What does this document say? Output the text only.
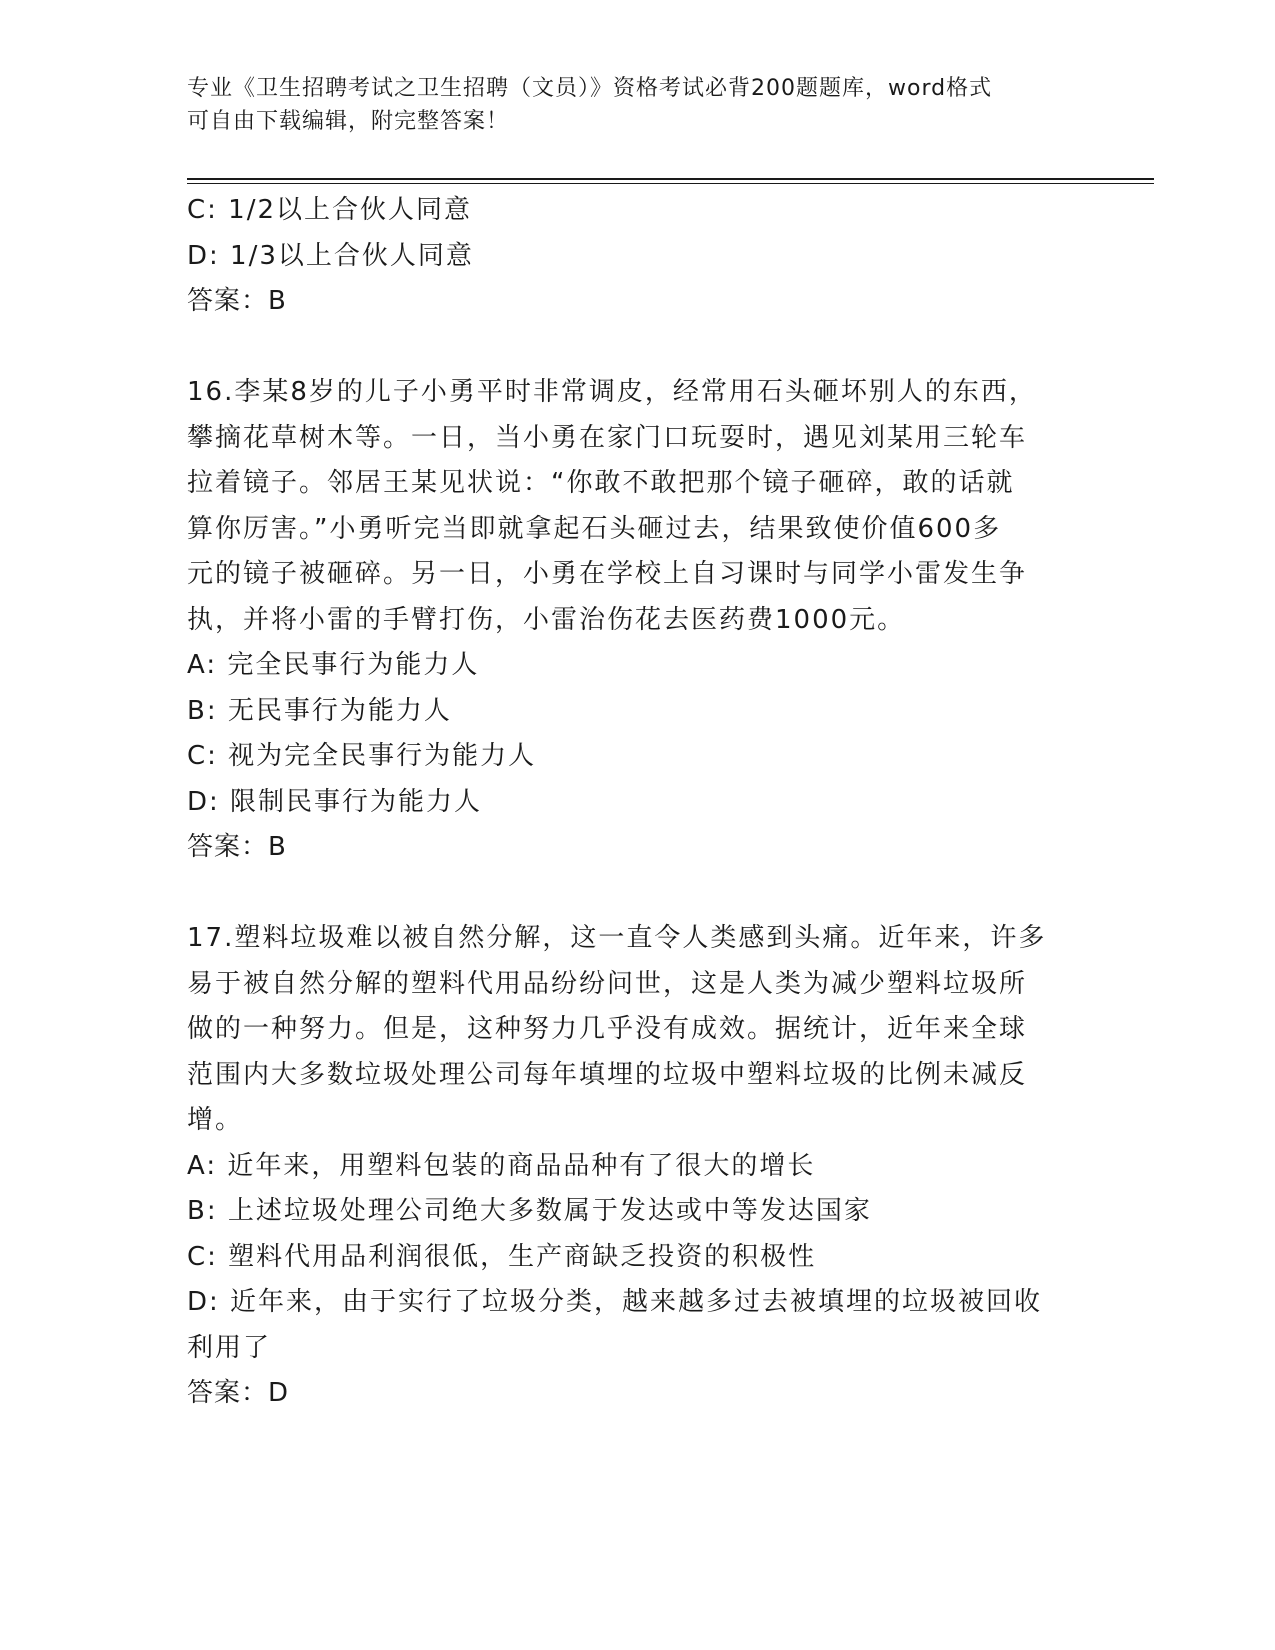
专业《卫生招聘考试之卫生招聘（文员）》资格考试必背200题题库，word格式
可自由下载编辑，附完整答案！
C: 1/2以上合伙人同意
D: 1/3以上合伙人同意
答案：B
16.李某8岁的儿子小勇平时非常调皮，经常用石头砸坏别人的东西，
攀摘花草树木等。一日，当小勇在家门口玩耍时，遇见刘某用三轮车
拉着镜子。邻居王某见状说：“你敢不敢把那个镜子砸碎，敢的话就
算你厉害。”小勇听完当即就拿起石头砸过去，结果致使价值600多
元的镜子被砸碎。另一日，小勇在学校上自习课时与同学小雷发生争
执，并将小雷的手臂打伤，小雷治伤花去医药费1000元。
A: 完全民事行为能力人
B: 无民事行为能力人
C: 视为完全民事行为能力人
D: 限制民事行为能力人
答案：B
17.塑料垃圾难以被自然分解，这一直令人类感到头痛。近年来，许多
易于被自然分解的塑料代用品纷纷问世，这是人类为减少塑料垃圾所
做的一种努力。但是，这种努力几乎没有成效。据统计，近年来全球
范围内大多数垃圾处理公司每年填埋的垃圾中塑料垃圾的比例未减反
增。
A: 近年来，用塑料包装的商品品种有了很大的增长
B: 上述垃圾处理公司绝大多数属于发达或中等发达国家
C: 塑料代用品利润很低，生产商缺乏投资的积极性
D: 近年来，由于实行了垃圾分类，越来越多过去被填埋的垃圾被回收
利用了
答案：D
